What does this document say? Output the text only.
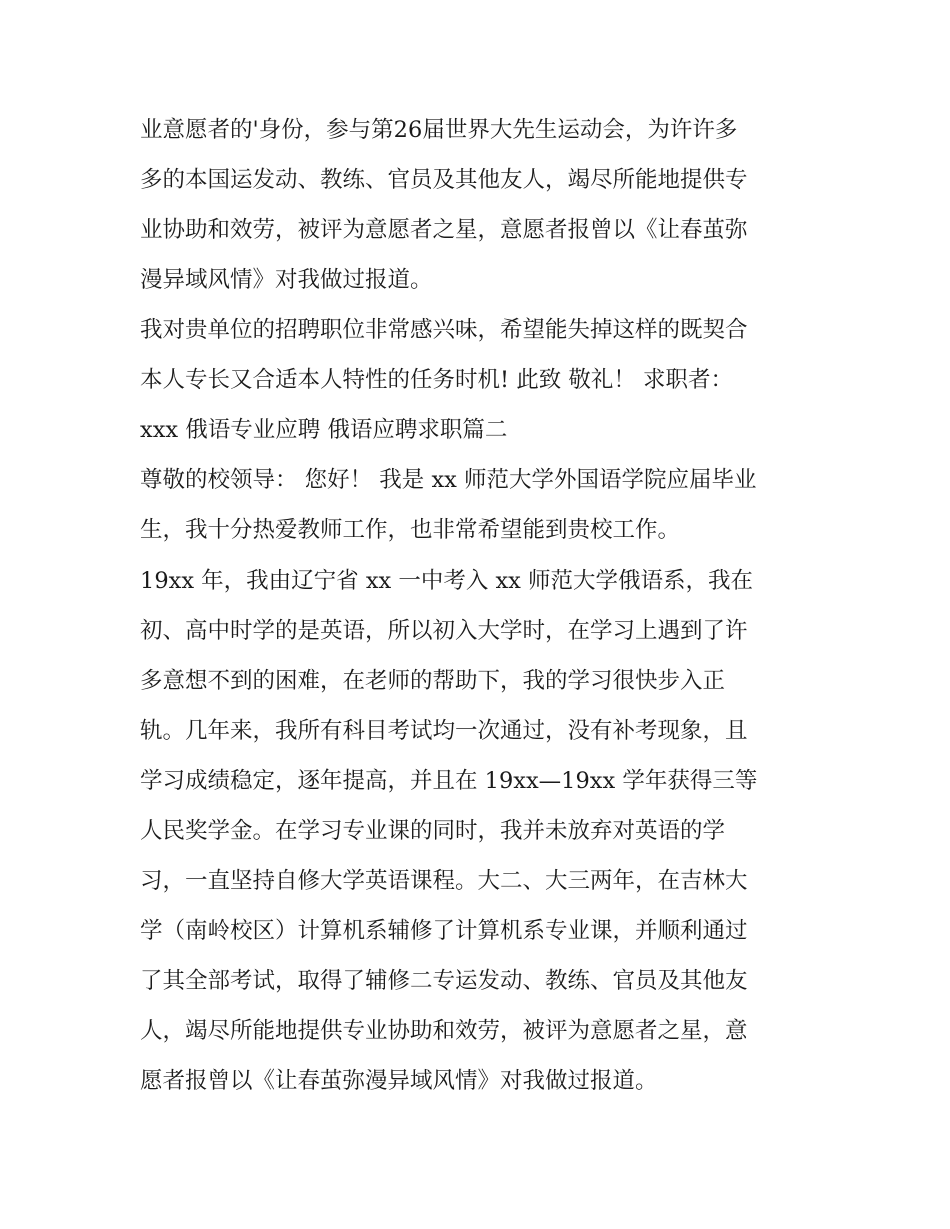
业意愿者的'身份，参与第26届世界大先生运动会，为许许多
多的本国运发动、教练、官员及其他友人，竭尽所能地提供专
业协助和效劳，被评为意愿者之星，意愿者报曾以《让春茧弥
漫异域风情》对我做过报道。
我对贵单位的招聘职位非常感兴味，希望能失掉这样的既契合
本人专长又合适本人特性的任务时机! 此致 敬礼！ 求职者：
xxx 俄语专业应聘 俄语应聘求职篇二
尊敬的校领导： 您好！ 我是 xx 师范大学外国语学院应届毕业
生，我十分热爱教师工作，也非常希望能到贵校工作。
19xx 年，我由辽宁省 xx 一中考入 xx 师范大学俄语系，我在
初、高中时学的是英语，所以初入大学时，在学习上遇到了许
多意想不到的困难，在老师的帮助下，我的学习很快步入正
轨。几年来，我所有科目考试均一次通过，没有补考现象，且
学习成绩稳定，逐年提高，并且在 19xx—19xx 学年获得三等
人民奖学金。在学习专业课的同时，我并未放弃对英语的学
习，一直坚持自修大学英语课程。大二、大三两年，在吉林大
学（南岭校区）计算机系辅修了计算机系专业课，并顺利通过
了其全部考试，取得了辅修二专运发动、教练、官员及其他友
人，竭尽所能地提供专业协助和效劳，被评为意愿者之星，意
愿者报曾以《让春茧弥漫异域风情》对我做过报道。
